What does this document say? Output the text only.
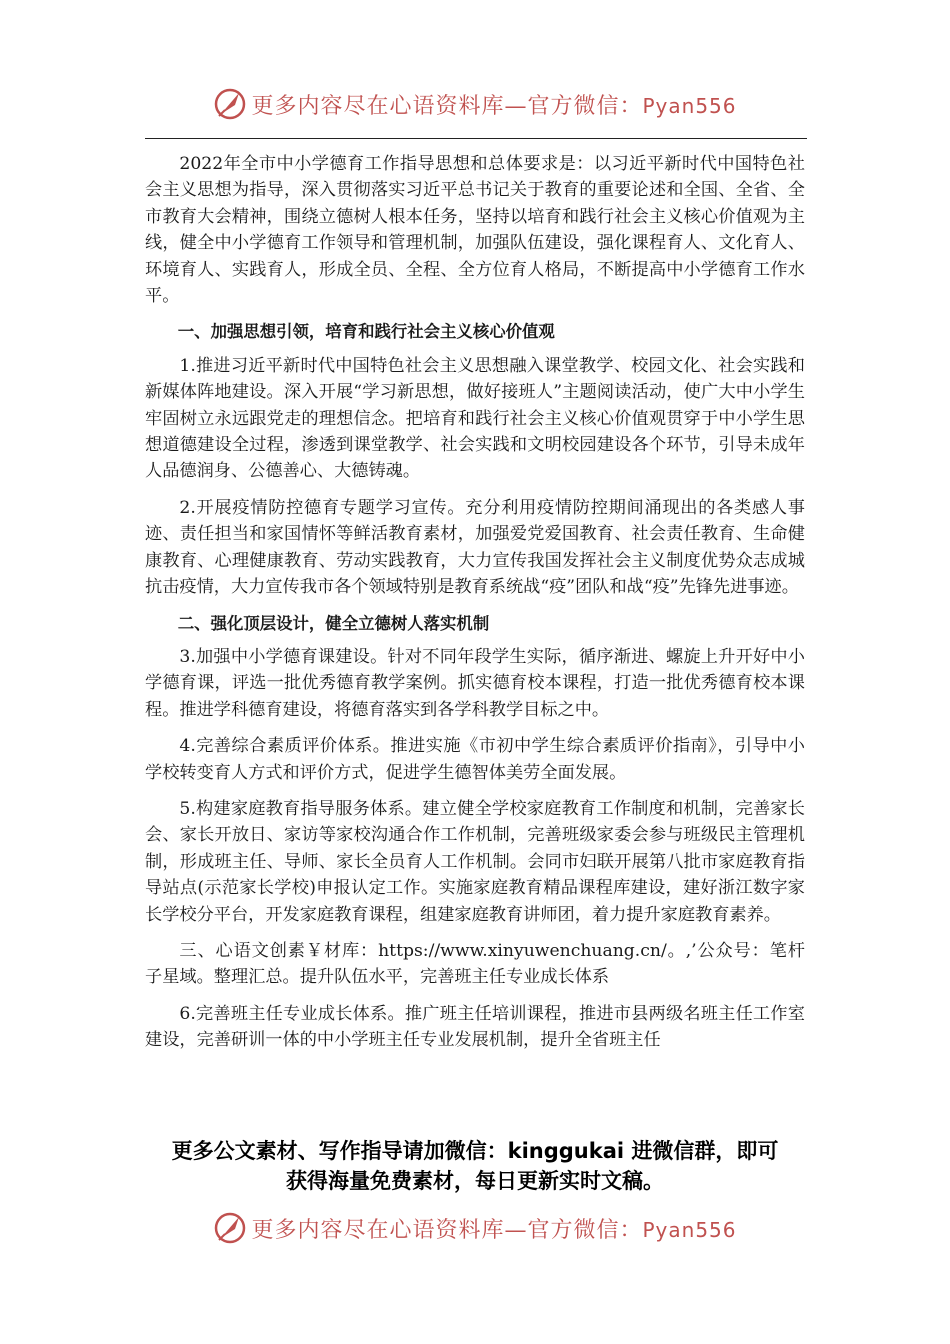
更多内容尽在心语资料库—官方微信：Pyan556

2022年全市中小学德育工作指导思想和总体要求是：以习近平新时代中国特色社会主义思想为指导，深入贯彻落实习近平总书记关于教育的重要论述和全国、全省、全市教育大会精神，围绕立德树人根本任务，坚持以培育和践行社会主义核心价值观为主线，健全中小学德育工作领导和管理机制，加强队伍建设，强化课程育人、文化育人、环境育人、实践育人，形成全员、全程、全方位育人格局，不断提高中小学德育工作水平。

一、加强思想引领，培育和践行社会主义核心价值观

1.推进习近平新时代中国特色社会主义思想融入课堂教学、校园文化、社会实践和新媒体阵地建设。深入开展“学习新思想，做好接班人”主题阅读活动，使广大中小学生牢固树立永远跟党走的理想信念。把培育和践行社会主义核心价值观贯穿于中小学生思想道德建设全过程，渗透到课堂教学、社会实践和文明校园建设各个环节，引导未成年人品德润身、公德善心、大德铸魂。

2.开展疫情防控德育专题学习宣传。充分利用疫情防控期间涌现出的各类感人事迹、责任担当和家国情怀等鲜活教育素材，加强爱党爱国教育、社会责任教育、生命健康教育、心理健康教育、劳动实践教育，大力宣传我国发挥社会主义制度优势众志成城抗击疫情，大力宣传我市各个领域特别是教育系统战“疫”团队和战“疫”先锋先进事迹。

二、强化顶层设计，健全立德树人落实机制

3.加强中小学德育课建设。针对不同年段学生实际，循序渐进、螺旋上升开好中小学德育课，评选一批优秀德育教学案例。抓实德育校本课程，打造一批优秀德育校本课程。推进学科德育建设，将德育落实到各学科教学目标之中。

4.完善综合素质评价体系。推进实施《市初中学生综合素质评价指南》，引导中小学校转变育人方式和评价方式，促进学生德智体美劳全面发展。

5.构建家庭教育指导服务体系。建立健全学校家庭教育工作制度和机制，完善家长会、家长开放日、家访等家校沟通合作工作机制，完善班级家委会参与班级民主管理机制，形成班主任、导师、家长全员育人工作机制。会同市妇联开展第八批市家庭教育指导站点(示范家长学校)申报认定工作。实施家庭教育精品课程库建设，建好浙江数字家长学校分平台，开发家庭教育课程，组建家庭教育讲师团，着力提升家庭教育素养。

三、心语文创素￥材库：https://www.xinyuwenchuang.cn/。,’公众号：笔杆子星域。整理汇总。提升队伍水平，完善班主任专业成长体系

6.完善班主任专业成长体系。推广班主任培训课程，推进市县两级名班主任工作室建设，完善研训一体的中小学班主任专业发展机制，提升全省班主任

更多公文素材、写作指导请加微信：kinggukai 进微信群，即可
获得海量免费素材，每日更新实时文稿。
更多内容尽在心语资料库—官方微信：Pyan556
